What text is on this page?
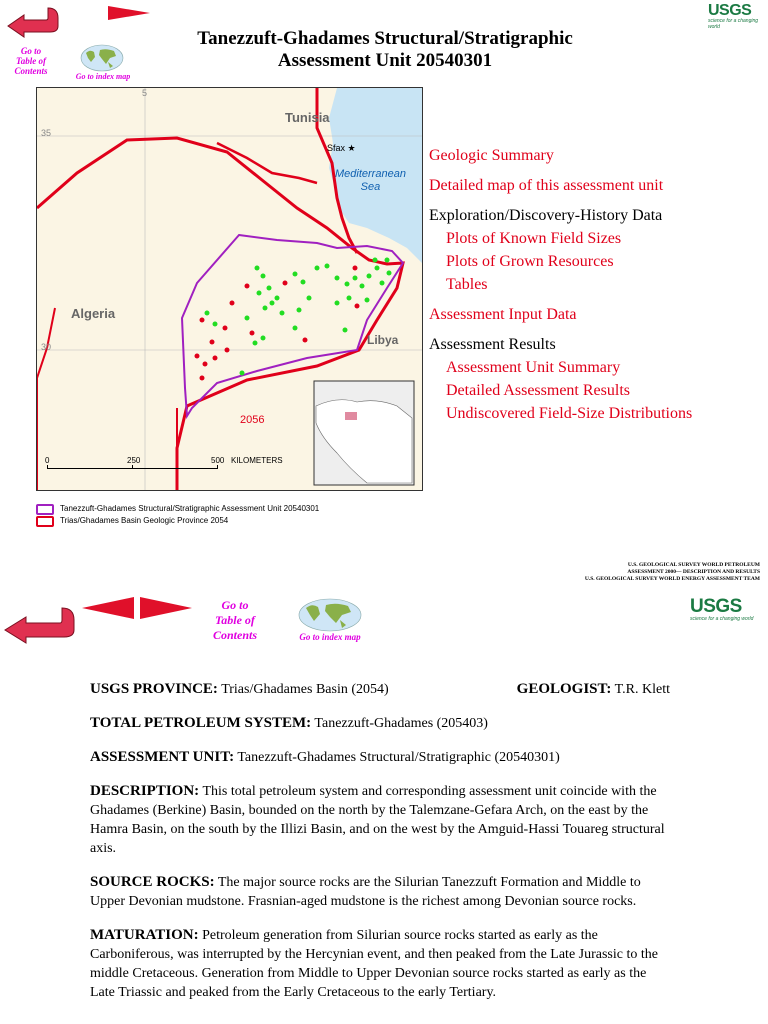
Go to
Table of
Contents
Go to index map
Tanezzuft-Ghadames Structural/Stratigraphic
Assessment Unit 20540301
USGS
science for a changing world
Tunisia
Sfax ★
Mediterranean
Sea
Algeria
Libya
2056
5
35
30
0	250	500 KILOMETERS
Geologic Summary
Detailed map of this assessment unit
Exploration/Discovery-History Data
Plots of Known Field Sizes
Plots of Grown Resources
Tables
Assessment Input Data
Assessment Results
Assessment Unit Summary
Detailed Assessment Results
Undiscovered Field-Size Distributions
Tanezzuft-Ghadames Structural/Stratigraphic Assessment Unit 20540301
Trias/Ghadames Basin Geologic Province 2054
U.S. GEOLOGICAL SURVEY WORLD PETROLEUM
ASSESSMENT 2000— DESCRIPTION AND RESULTS
U.S. GEOLOGICAL SURVEY WORLD ENERGY ASSESSMENT TEAM
Go to
Table of
Contents	Go to index map
USGS
science for a changing world
USGS PROVINCE: Trias/Ghadames Basin (2054)	GEOLOGIST: T.R. Klett
TOTAL PETROLEUM SYSTEM: Tanezzuft-Ghadames (205403)
ASSESSMENT UNIT: Tanezzuft-Ghadames Structural/Stratigraphic (20540301)
DESCRIPTION: This total petroleum system and corresponding assessment unit coincide with the Ghadames (Berkine) Basin, bounded on the north by the Talemzane-Gefara Arch, on the east by the Hamra Basin, on the south by the Illizi Basin, and on the west by the Amguid-Hassi Touareg structural axis.
SOURCE ROCKS: The major source rocks are the Silurian Tanezzuft Formation and Middle to Upper Devonian mudstone. Frasnian-aged mudstone is the richest among Devonian source rocks.
MATURATION: Petroleum generation from Silurian source rocks started as early as the Carboniferous, was interrupted by the Hercynian event, and then peaked from the Late Jurassic to the middle Cretaceous. Generation from Middle to Upper Devonian source rocks started as early as the Late Triassic and peaked from the Early Cretaceous to the early Tertiary.
